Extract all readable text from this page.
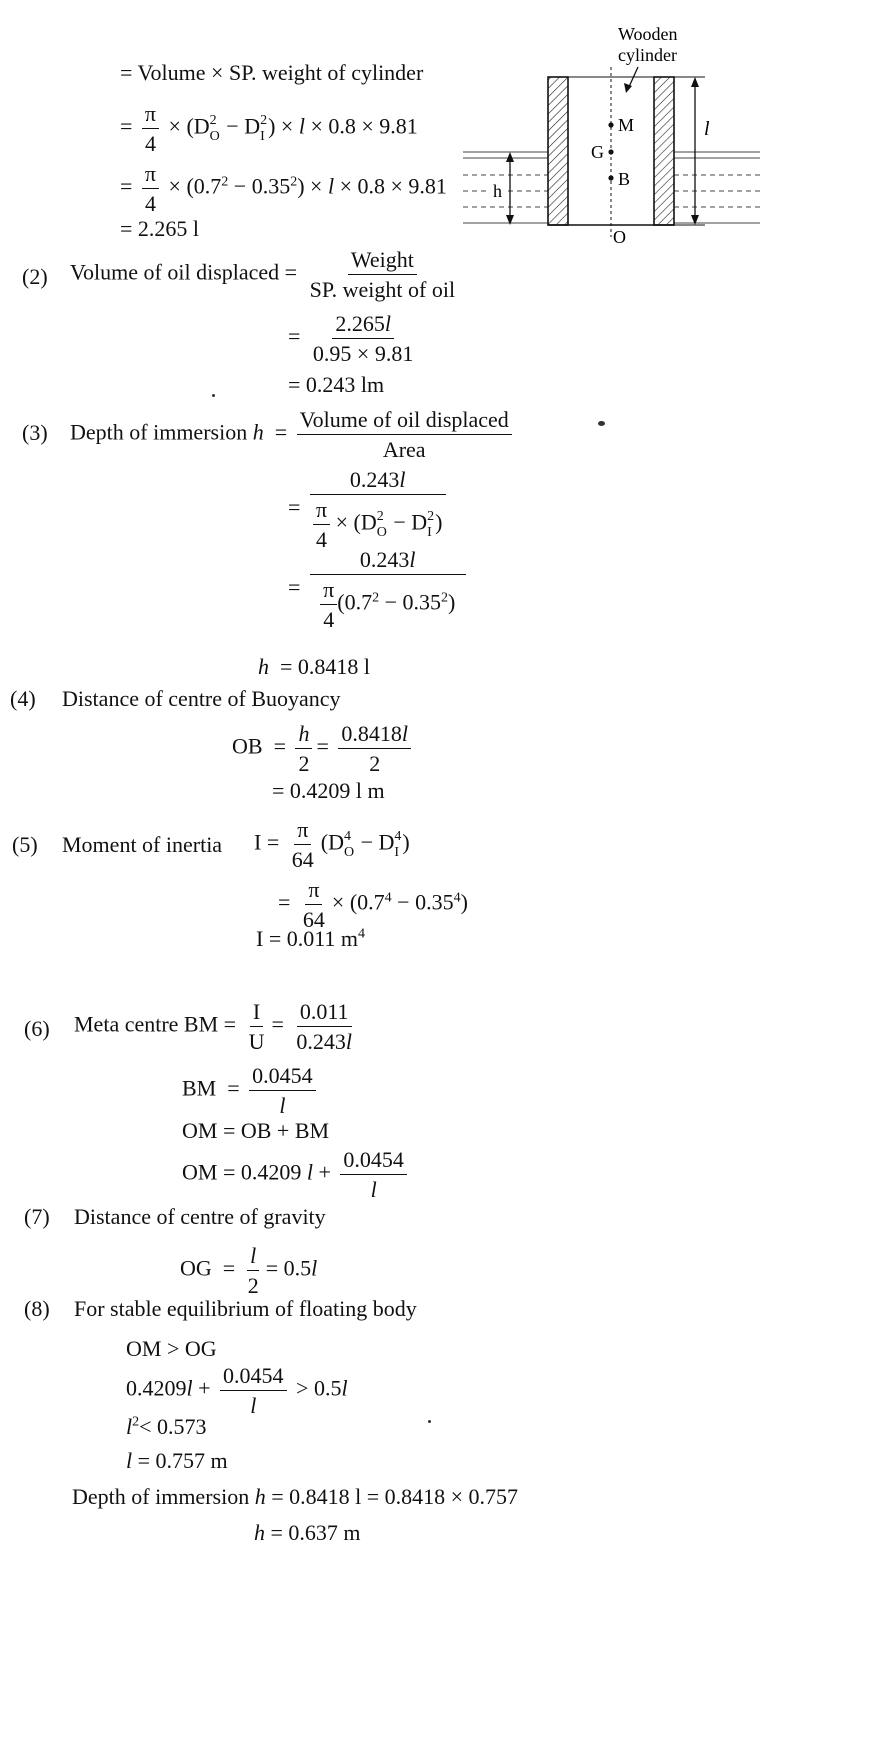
= Volume × SP. weight of cylinder
= $\frac{\pi}{4} \times (D$ 2
O − D 2
I ) × l × 0.8 × 9.81
= $\frac{\pi}{4} \times (0.7^2 - 0.35^2) \times l \times 0.8 \times 9.81$
= 2.265 l
M
G
B
O
Wooden
cylinder
l
h
(2) Volume of oil displaced = $\frac{\text{Weight}}{\text{SP. weight of oil}}$
= $\frac{2.265l}{0.95 \times 9.81}$
= 0.243 lm
(3) Depth of immersion $h = \frac{\text{Volume of oil displaced}}{\text{Area}}$
= 0.243l
$\frac{\pi}{4} \times (D$ 2
O − D 2
I )
= $\frac{0.243l}{\frac{\pi}{4} (0.7^2 - 0.35^2)}$
h = 0.8418 l
(4) Distance of centre of Buoyancy
OB  = $\frac{h}{2} = \frac{0.8418l}{2}$
= 0.4209 l m
(5) Moment of inertia $I = \frac{\pi}{64} (D$ 4
O − D 4
I )
= $\frac{\pi}{64} \times (0.7^4 - 0.35^4)$
I = 0.011 $m^4$
(6) Meta centre BM = $\frac{I}{U} = \frac{0.011}{0.243l}$
BM  = $\frac{0.0454}{l}$
OM = OB + BM
OM = 0.4209 $l + \frac{0.0454}{l}$
(7) Distance of centre of gravity
OG  = $\frac{l}{2} = 0.5l$
(8) For stable equilibrium of floating body
OM > OG
$0.4209l + \frac{0.0454}{l} > 0.5l$
$l^2< 0.573$
l = 0.757 m
Depth of immersion h = 0.8418 l = 0.8418 × 0.757
h = 0.637 m
